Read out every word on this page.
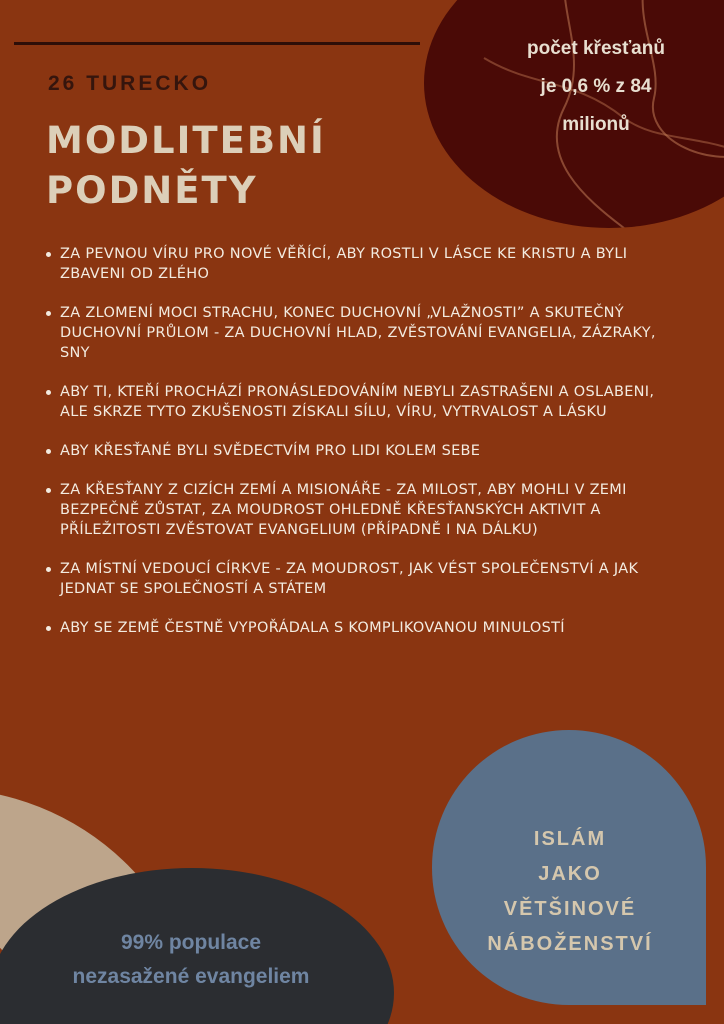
počet křesťanů
je 0,6 % z 84
milionů
26 TURECKO
MODLITEBNÍ
PODNĚTY
ZA PEVNOU VÍRU PRO NOVÉ VĚŘÍCÍ, ABY ROSTLI V LÁSCE KE KRISTU A BYLI ZBAVENI OD ZLÉHO
ZA ZLOMENÍ MOCI STRACHU, KONEC DUCHOVNÍ „VLAŽNOSTI” A SKUTEČNÝ DUCHOVNÍ PRŮLOM - ZA DUCHOVNÍ HLAD, ZVĚSTOVÁNÍ EVANGELIA, ZÁZRAKY, SNY
ABY TI, KTEŘÍ PROCHÁZÍ PRONÁSLEDOVÁNÍM NEBYLI ZASTRAŠENI A OSLABENI, ALE SKRZE TYTO ZKUŠENOSTI ZÍSKALI SÍLU, VÍRU, VYTRVALOST A LÁSKU
ABY KŘESŤANÉ BYLI SVĚDECTVÍM PRO LIDI KOLEM SEBE
ZA KŘESŤANY Z CIZÍCH ZEMÍ A MISIONÁŘE - ZA MILOST, ABY MOHLI V ZEMI BEZPEČNĚ ZŮSTAT, ZA MOUDROST OHLEDNĚ KŘESŤANSKÝCH AKTIVIT A PŘÍLEŽITOSTI ZVĚSTOVAT EVANGELIUM (PŘÍPADNĚ I NA DÁLKU)
ZA MÍSTNÍ VEDOUCÍ CÍRKVE - ZA MOUDROST, JAK VÉST SPOLEČENSTVÍ A JAK JEDNAT SE SPOLEČNOSTÍ A STÁTEM
ABY SE ZEMĚ ČESTNĚ VYPOŘÁDALA S KOMPLIKOVANOU MINULOSTÍ
99% populace
nezasažené evangeliem
ISLÁM
JAKO
VĚTŠINOVÉ
NÁBOŽENSTVÍ
